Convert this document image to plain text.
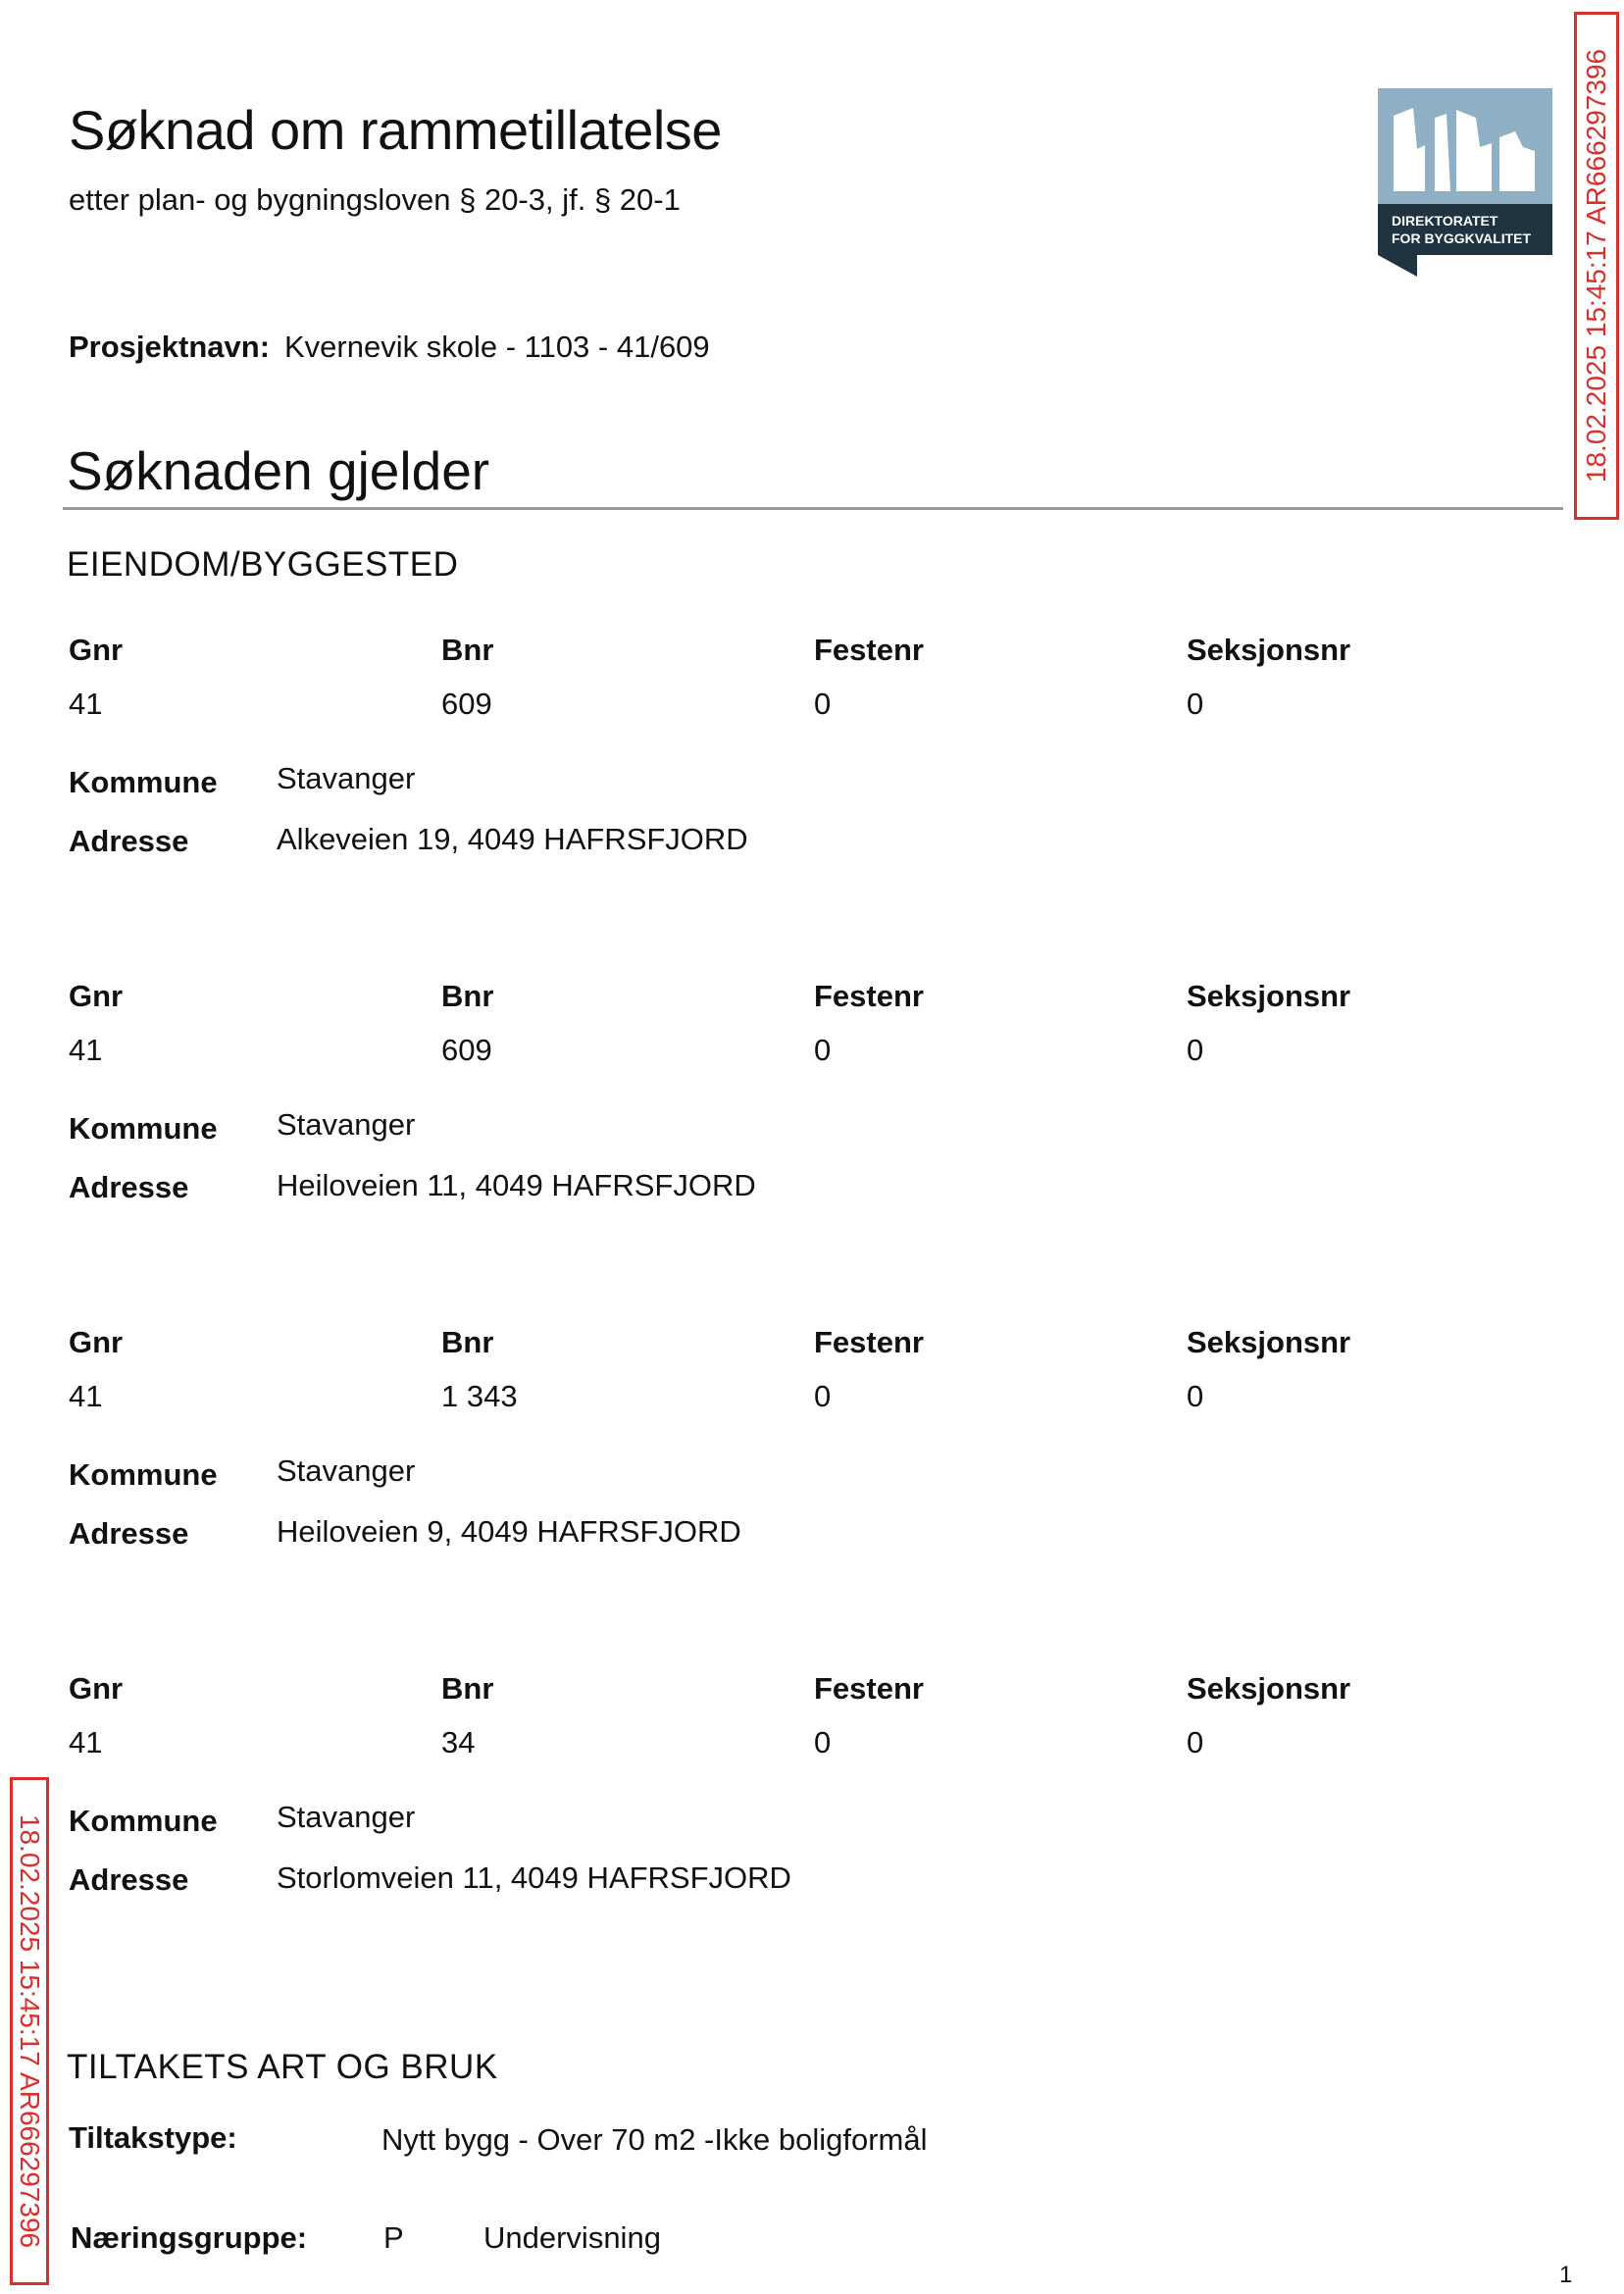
Søknad om rammetillatelse
etter plan- og bygningsloven § 20-3, jf. § 20-1
DIREKTORATET
FOR BYGGKVALITET
Prosjektnavn: Kvernevik skole - 1103 - 41/609
Søknaden gjelder
EIENDOM/BYGGESTED
Gnr	Bnr	Festenr	Seksjonsnr
41	609	0	0
Kommune Stavanger
Adresse	Alkeveien 19, 4049 HAFRSFJORD
Gnr	Bnr	Festenr	Seksjonsnr
41	609	0	0
Kommune Stavanger
Adresse	Heiloveien 11, 4049 HAFRSFJORD
Gnr	Bnr	Festenr	Seksjonsnr
41	1 343	0	0
Kommune Stavanger
Adresse	Heiloveien 9, 4049 HAFRSFJORD
Gnr	Bnr	Festenr	Seksjonsnr
41	34	0	0
Kommune Stavanger
Adresse	Storlomveien 11, 4049 HAFRSFJORD
TILTAKETS ART OG BRUK
Tiltakstype:	Nytt bygg - Over 70 m2 -Ikke boligformål
Næringsgruppe:	P	Undervisning
18.02.2025 15:45:17 AR666297396
18.02.2025 15:45:17 AR666297396
1
